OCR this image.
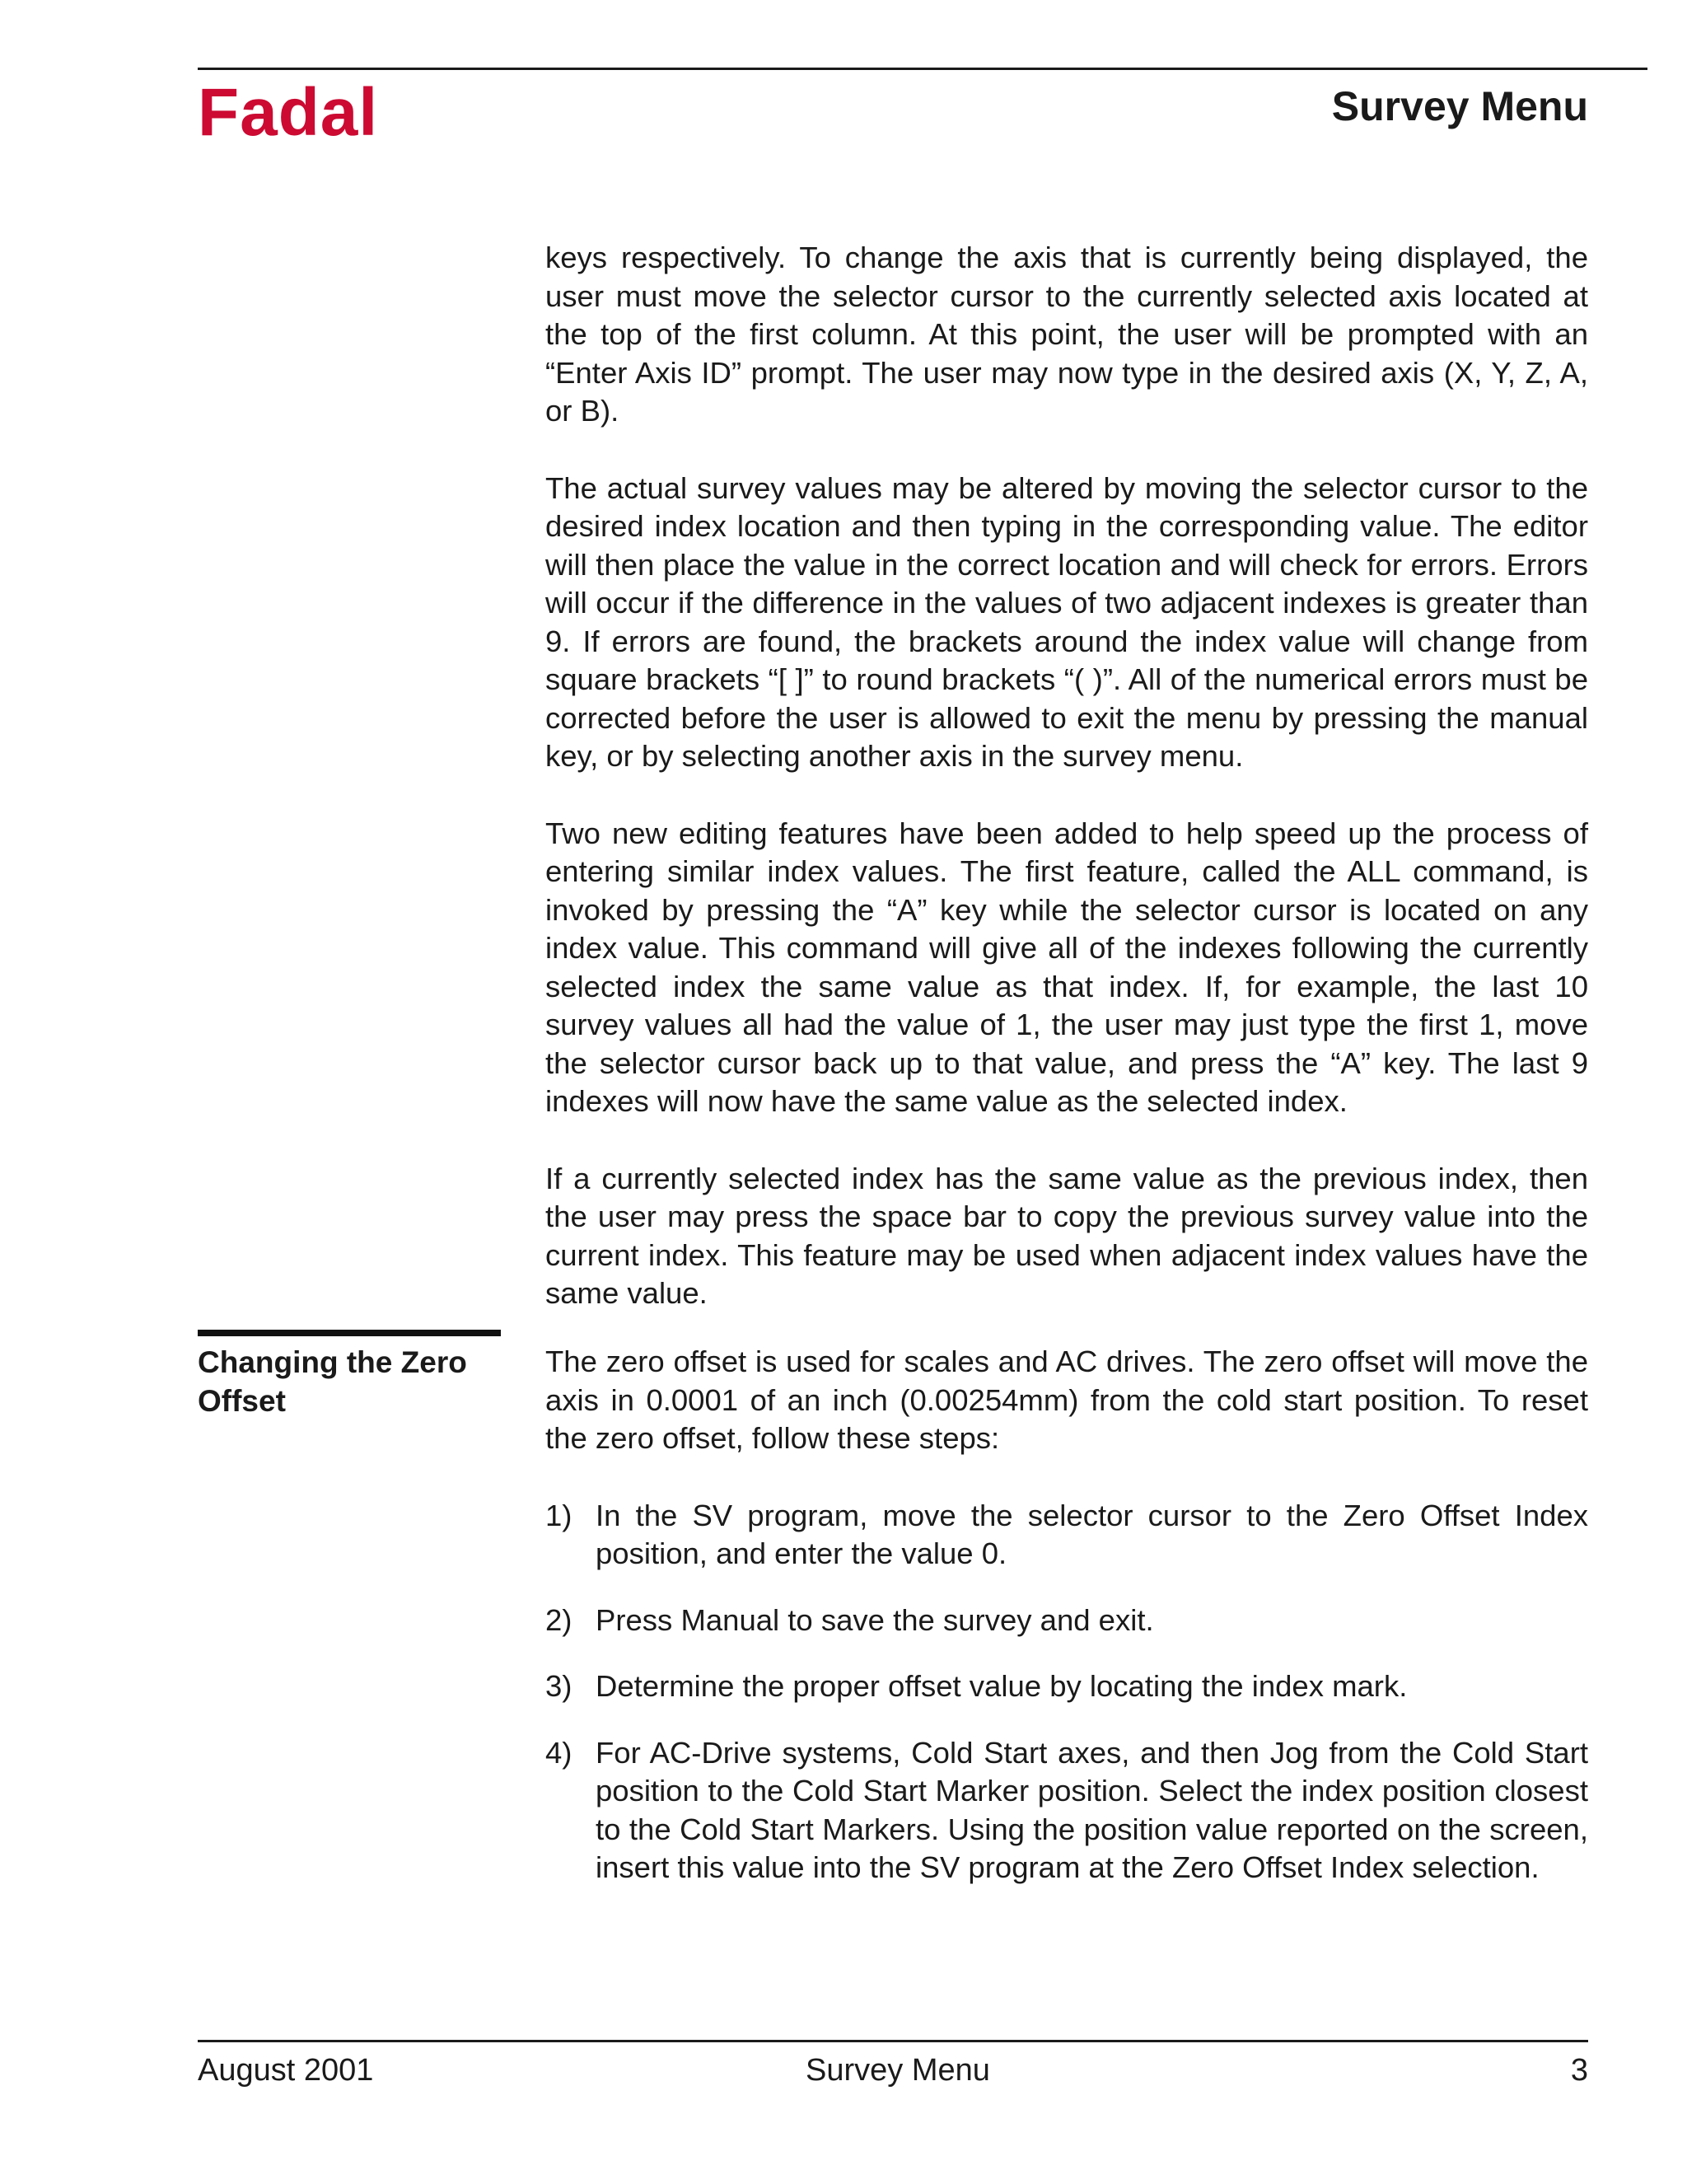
Fadal	Survey Menu

keys respectively. To change the axis that is currently being displayed, the user must move the selector cursor to the currently selected axis located at the top of the first column. At this point, the user will be prompted with an “Enter Axis ID” prompt. The user may now type in the desired axis (X, Y, Z, A, or B).

The actual survey values may be altered by moving the selector cursor to the desired index location and then typing in the corresponding value. The editor will then place the value in the correct location and will check for errors. Errors will occur if the difference in the values of two adjacent indexes is greater than 9. If errors are found, the brackets around the index value will change from square brackets “[ ]” to round brackets “( )”. All of the numerical errors must be corrected before the user is allowed to exit the menu by pressing the manual key, or by selecting another axis in the survey menu.

Two new editing features have been added to help speed up the process of entering similar index values. The first feature, called the ALL command, is invoked by pressing the “A” key while the selector cursor is located on any index value. This command will give all of the indexes following the currently selected index the same value as that index. If, for example, the last 10 survey values all had the value of 1, the user may just type the first 1, move the selector cursor back up to that value, and press the “A” key. The last 9 indexes will now have the same value as the selected index.

If a currently selected index has the same value as the previous index, then the user may press the space bar to copy the previous survey value into the current index. This feature may be used when adjacent index values have the same value.

Changing the Zero Offset

The zero offset is used for scales and AC drives. The zero offset will move the axis in 0.0001 of an inch (0.00254mm) from the cold start position. To reset the zero offset, follow these steps:

1) In the SV program, move the selector cursor to the Zero Offset Index position, and enter the value 0.
2) Press Manual to save the survey and exit.
3) Determine the proper offset value by locating the index mark.
4) For AC-Drive systems, Cold Start axes, and then Jog from the Cold Start position to the Cold Start Marker position. Select the index position closest to the Cold Start Markers. Using the position value reported on the screen, insert this value into the SV program at the Zero Offset Index selection.
August 2001	Survey Menu	3
